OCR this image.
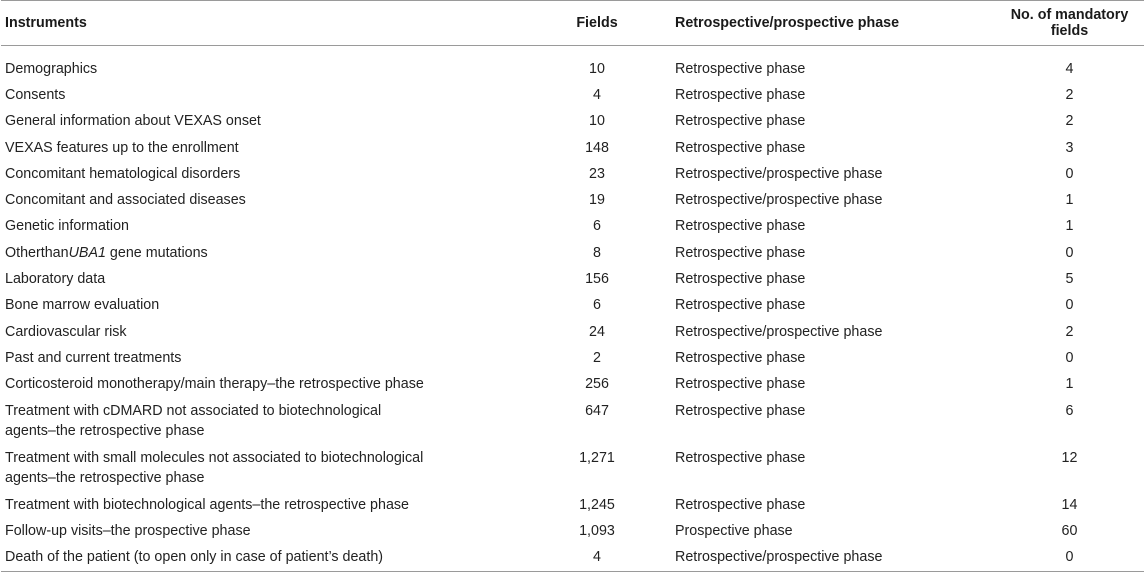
Instruments	Fields	Retrospective/prospective phase	No. of mandatory fields
Demographics	10	Retrospective phase	4
Consents	4	Retrospective phase	2
General information about VEXAS onset	10	Retrospective phase	2
VEXAS features up to the enrollment	148	Retrospective phase	3
Concomitant hematological disorders	23	Retrospective/prospective phase	0
Concomitant and associated diseases	19	Retrospective/prospective phase	1
Genetic information	6	Retrospective phase	1
OtherthanUBA1 gene mutations	8	Retrospective phase	0
Laboratory data	156	Retrospective phase	5
Bone marrow evaluation	6	Retrospective phase	0
Cardiovascular risk	24	Retrospective/prospective phase	2
Past and current treatments	2	Retrospective phase	0
Corticosteroid monotherapy/main therapy–the retrospective phase	256	Retrospective phase	1
Treatment with cDMARD not associated to biotechnological
agents–the retrospective phase	647	Retrospective phase	6
Treatment with small molecules not associated to biotechnological
agents–the retrospective phase	1,271	Retrospective phase	12
Treatment with biotechnological agents–the retrospective phase	1,245	Retrospective phase	14
Follow-up visits–the prospective phase	1,093	Prospective phase	60
Death of the patient (to open only in case of patient’s death)	4	Retrospective/prospective phase	0
